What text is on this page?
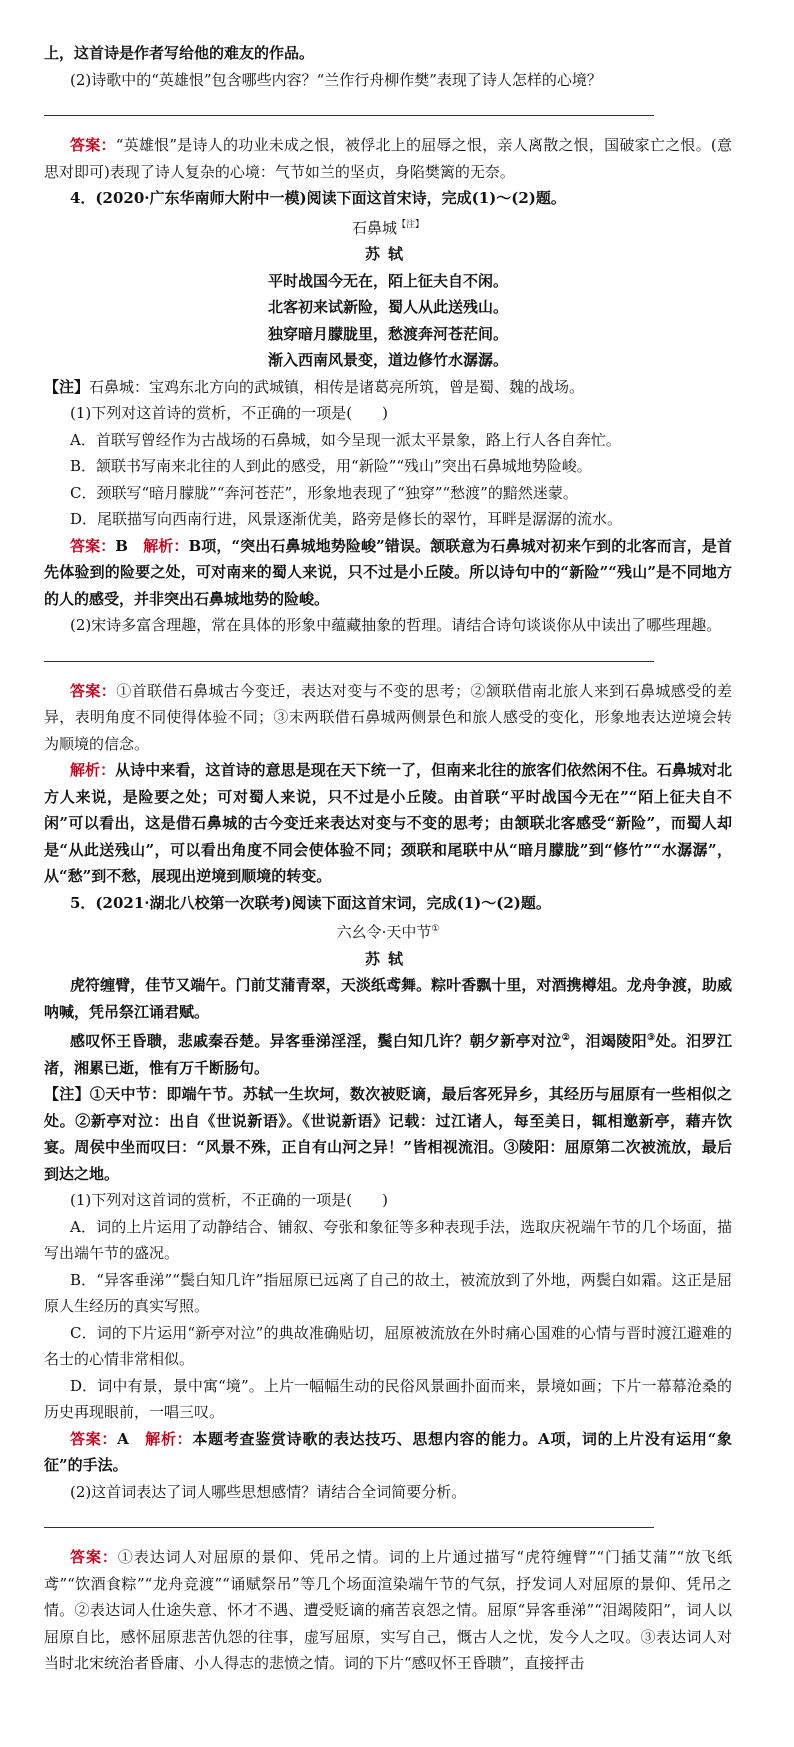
上，这首诗是作者写给他的难友的作品。

(2)诗歌中的“英雄恨”包含哪些内容？“兰作行舟柳作樊”表现了诗人怎样的心境？

答案：“英雄恨”是诗人的功业未成之恨，被俘北上的屈辱之恨，亲人离散之恨，国破家亡之恨。(意思对即可)表现了诗人复杂的心境：气节如兰的坚贞，身陷樊篱的无奈。

4．(2020·广东华南师大附中一模)阅读下面这首宋诗，完成(1)～(2)题。

石鼻城$^{【注】}$

苏轼

平时战国今无在，陌上征夫自不闲。

北客初来试新险，蜀人从此送残山。

独穿暗月朦胧里，愁渡奔河苍茫间。

渐入西南风景变，道边修竹水潺潺。

【注】石鼻城：宝鸡东北方向的武城镇，相传是诸葛亮所筑，曾是蜀、魏的战场。

(1)下列对这首诗的赏析，不正确的一项是(　　)

A．首联写曾经作为古战场的石鼻城，如今呈现一派太平景象，路上行人各自奔忙。

B．颔联书写南来北往的人到此的感受，用“新险”“残山”突出石鼻城地势险峻。

C．颈联写“暗月朦胧”“奔河苍茫”，形象地表现了“独穿”“愁渡”的黯然迷蒙。

D．尾联描写向西南行进，风景逐渐优美，路旁是修长的翠竹，耳畔是潺潺的流水。

答案：B　 解析：B项，“突出石鼻城地势险峻”错误。颔联意为石鼻城对初来乍到的北客而言，是首先体验到的险要之处，可对南来的蜀人来说，只不过是小丘陵。所以诗句中的“新险”“残山”是不同地方的人的感受，并非突出石鼻城地势的险峻。

(2)宋诗多富含理趣，常在具体的形象中蕴藏抽象的哲理。请结合诗句谈谈你从中读出了哪些理趣。

答案：①首联借石鼻城古今变迁，表达对变与不变的思考；②颔联借南北旅人来到石鼻城感受的差异，表明角度不同使得体验不同；③末两联借石鼻城两侧景色和旅人感受的变化，形象地表达逆境会转为顺境的信念。

解析：从诗中来看，这首诗的意思是现在天下统一了，但南来北往的旅客们依然闲不住。石鼻城对北方人来说，是险要之处；可对蜀人来说，只不过是小丘陵。由首联“平时战国今无在”“陌上征夫自不闲”可以看出，这是借石鼻城的古今变迁来表达对变与不变的思考；由颔联北客感受“新险”，而蜀人却是“从此送残山”，可以看出角度不同会使体验不同；颈联和尾联中从“暗月朦胧”到“修竹”“水潺潺”，从“愁”到不愁，展现出逆境到顺境的转变。

5．(2021·湖北八校第一次联考)阅读下面这首宋词，完成(1)～(2)题。

六幺令·天中节①

苏轼

虎符缠臂，佳节又端午。门前艾蒲青翠，天淡纸鸢舞。粽叶香飘十里，对酒携樽俎。龙舟争渡，助威呐喊，凭吊祭江诵君赋。

感叹怀王昏聩，悲戚秦吞楚。异客垂涕淫淫，鬓白知几许？朝夕新亭对泣②，泪竭陵阳③处。汨罗江渚，湘累已逝，惟有万千断肠句。

【注】①天中节：即端午节。苏轼一生坎坷，数次被贬谪，最后客死异乡，其经历与屈原有一些相似之处。②新亭对泣：出自《世说新语》。《世说新语》记载：过江诸人，每至美日，辄相邀新亭，藉卉饮宴。周侯中坐而叹曰：“风景不殊，正自有山河之异！”皆相视流泪。③陵阳：屈原第二次被流放，最后到达之地。

(1)下列对这首词的赏析，不正确的一项是(　　)

A．词的上片运用了动静结合、铺叙、夸张和象征等多种表现手法，选取庆祝端午节的几个场面，描写出端午节的盛况。

B．“异客垂涕”“鬓白知几许”指屈原已远离了自己的故土，被流放到了外地，两鬓白如霜。这正是屈原人生经历的真实写照。

C．词的下片运用“新亭对泣”的典故准确贴切，屈原被流放在外时痛心国难的心情与晋时渡江避难的名士的心情非常相似。

D．词中有景，景中寓“境”。上片一幅幅生动的民俗风景画扑面而来，景境如画；下片一幕幕沧桑的历史再现眼前，一唱三叹。

答案：A　 解析：本题考查鉴赏诗歌的表达技巧、思想内容的能力。A项，词的上片没有运用“象征”的手法。

(2)这首词表达了词人哪些思想感情？请结合全词简要分析。

答案：①表达词人对屈原的景仰、凭吊之情。词的上片通过描写“虎符缠臂”“门插艾蒲”“放飞纸鸢”“饮酒食粽”“龙舟竞渡”“诵赋祭吊”等几个场面渲染端午节的气氛，抒发词人对屈原的景仰、凭吊之情。②表达词人仕途失意、怀才不遇、遭受贬谪的痛苦哀怨之情。屈原“异客垂涕”“泪竭陵阳”，词人以屈原自比，感怀屈原悲苦仇怨的往事，虚写屈原，实写自己，慨古人之忧，发今人之叹。③表达词人对当时北宋统治者昏庸、小人得志的悲愤之情。词的下片“感叹怀王昏聩”，直接抨击
